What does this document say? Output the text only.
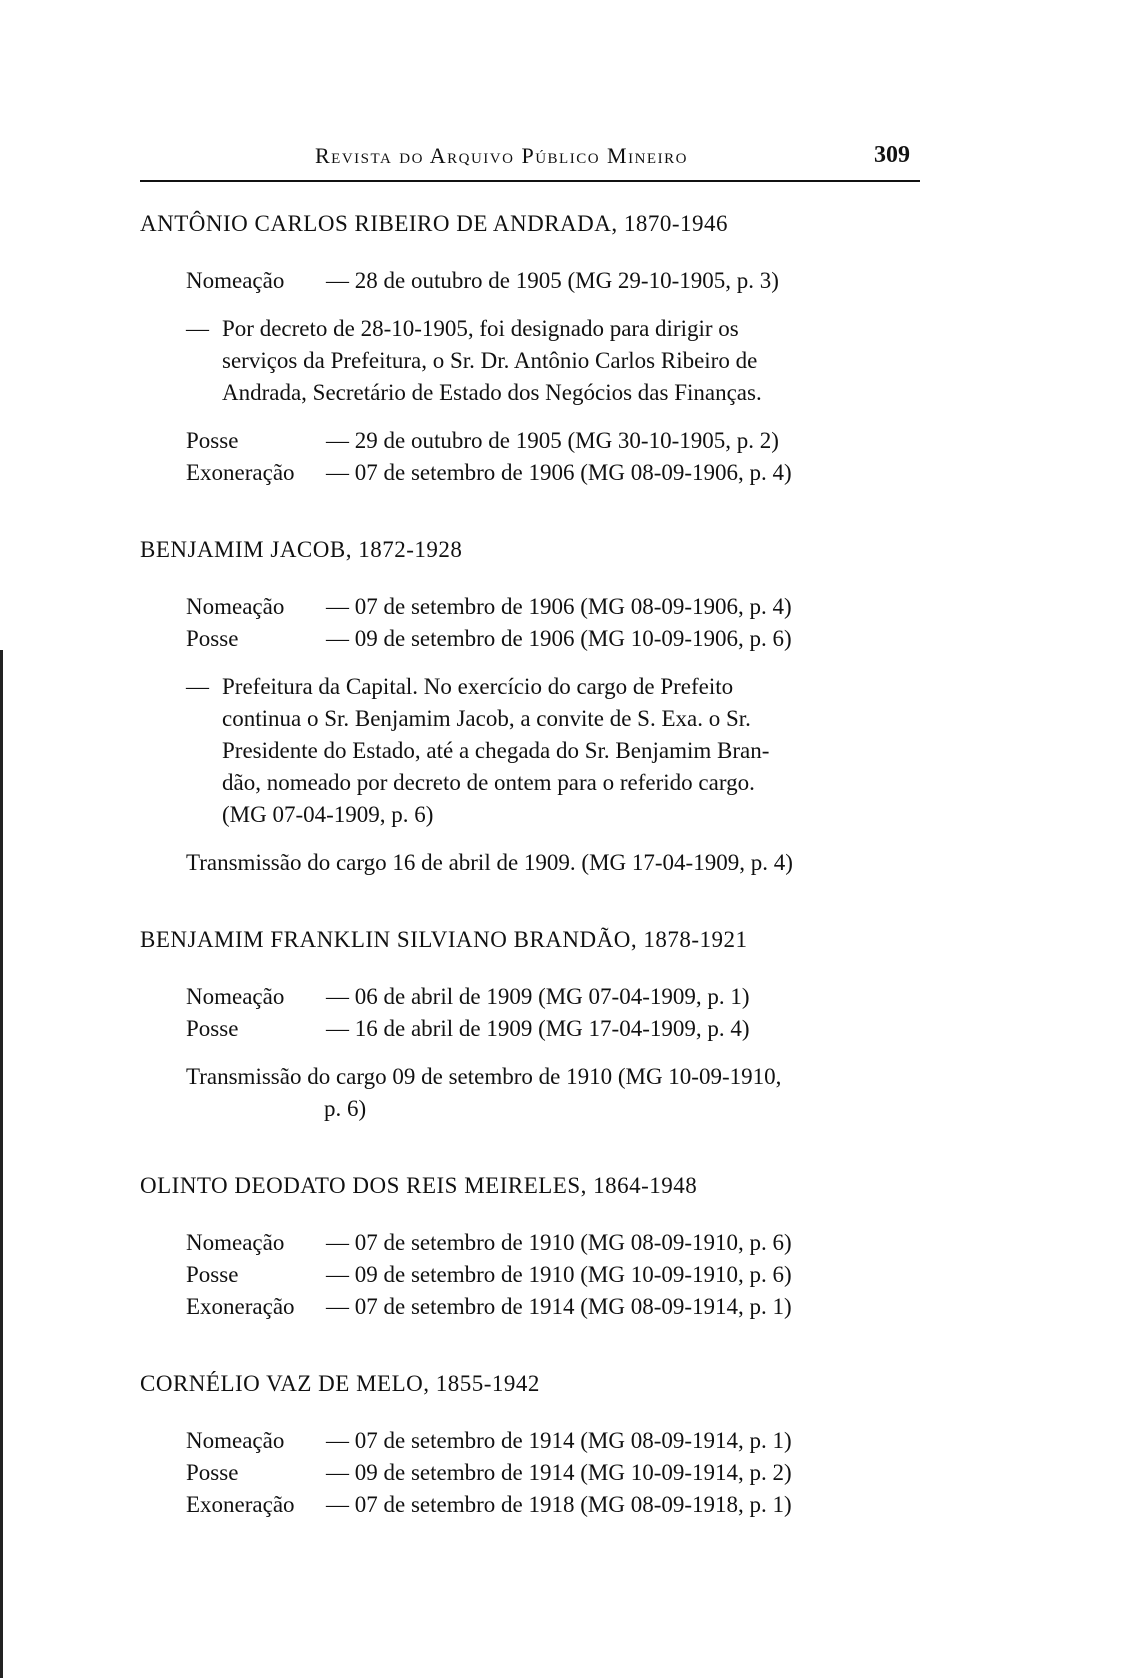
Revista do Arquivo Público Mineiro	309
ANTÔNIO CARLOS RIBEIRO DE ANDRADA, 1870-1946
Nomeação — 28 de outubro de 1905 (MG 29-10-1905, p. 3)
— Por decreto de 28-10-1905, foi designado para dirigir os
serviços da Prefeitura, o Sr. Dr. Antônio Carlos Ribeiro de
Andrada, Secretário de Estado dos Negócios das Finanças.
Posse	— 29 de outubro de 1905 (MG 30-10-1905, p. 2)
Exoneração — 07 de setembro de 1906 (MG 08-09-1906, p. 4)
BENJAMIM JACOB, 1872-1928
Nomeação — 07 de setembro de 1906 (MG 08-09-1906, p. 4)
Posse	— 09 de setembro de 1906 (MG 10-09-1906, p. 6)
— Prefeitura da Capital. No exercício do cargo de Prefeito
continua o Sr. Benjamim Jacob, a convite de S. Exa. o Sr.
Presidente do Estado, até a chegada do Sr. Benjamim Bran-
dão, nomeado por decreto de ontem para o referido cargo.
(MG 07-04-1909, p. 6)
Transmissão do cargo 16 de abril de 1909. (MG 17-04-1909, p. 4)
BENJAMIM FRANKLIN SILVIANO BRANDÃO, 1878-1921
Nomeação — 06 de abril de 1909 (MG 07-04-1909, p. 1)
Posse	— 16 de abril de 1909 (MG 17-04-1909, p. 4)
Transmissão do cargo 09 de setembro de 1910 (MG 10-09-1910,
p. 6)
OLINTO DEODATO DOS REIS MEIRELES, 1864-1948
Nomeação — 07 de setembro de 1910 (MG 08-09-1910, p. 6)
Posse	— 09 de setembro de 1910 (MG 10-09-1910, p. 6)
Exoneração — 07 de setembro de 1914 (MG 08-09-1914, p. 1)
CORNÉLIO VAZ DE MELO, 1855-1942
Nomeação — 07 de setembro de 1914 (MG 08-09-1914, p. 1)
Posse	— 09 de setembro de 1914 (MG 10-09-1914, p. 2)
Exoneração — 07 de setembro de 1918 (MG 08-09-1918, p. 1)
